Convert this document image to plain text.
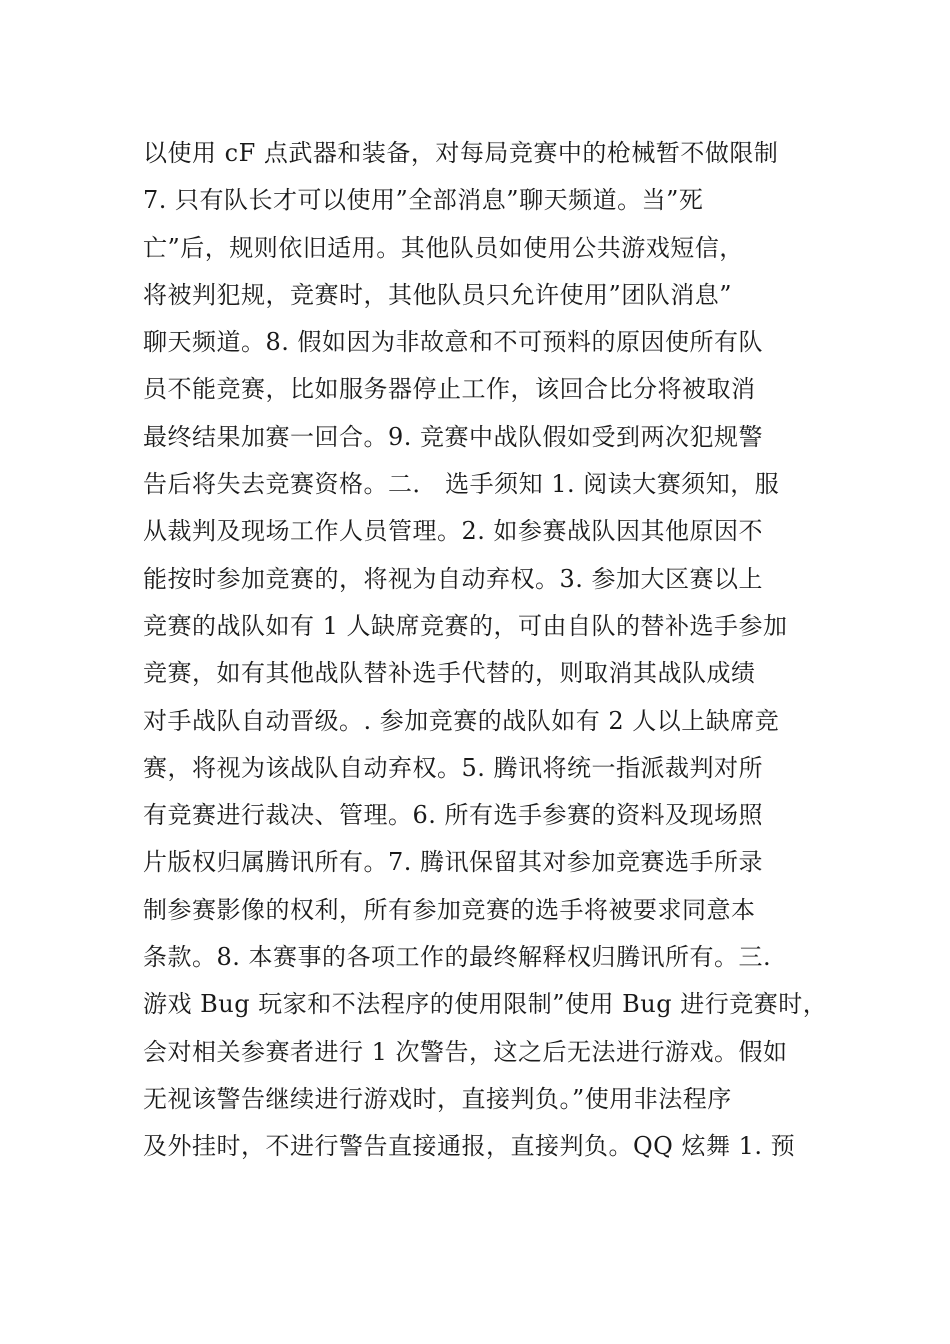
以使用 cF 点武器和装备，对每局竞赛中的枪械暂不做限制
7. 只有队长才可以使用”全部消息”聊天频道。当”死
亡”后，规则依旧适用。其他队员如使用公共游戏短信，
将被判犯规，竞赛时，其他队员只允许使用”团队消息”
聊天频道。8. 假如因为非故意和不可预料的原因使所有队
员不能竞赛，比如服务器停止工作，该回合比分将被取消
最终结果加赛一回合。9. 竞赛中战队假如受到两次犯规警
告后将失去竞赛资格。二． 选手须知 1. 阅读大赛须知，服
从裁判及现场工作人员管理。2. 如参赛战队因其他原因不
能按时参加竞赛的，将视为自动弃权。3. 参加大区赛以上
竞赛的战队如有 1 人缺席竞赛的，可由自队的替补选手参加
竞赛，如有其他战队替补选手代替的，则取消其战队成绩
对手战队自动晋级。. 参加竞赛的战队如有 2 人以上缺席竞
赛，将视为该战队自动弃权。5. 腾讯将统一指派裁判对所
有竞赛进行裁决、管理。6. 所有选手参赛的资料及现场照
片版权归属腾讯所有。7. 腾讯保留其对参加竞赛选手所录
制参赛影像的权利，所有参加竞赛的选手将被要求同意本
条款。8. 本赛事的各项工作的最终解释权归腾讯所有。三.
游戏 Bug 玩家和不法程序的使用限制”使用 Bug 进行竞赛时，
会对相关参赛者进行 1 次警告，这之后无法进行游戏。假如
无视该警告继续进行游戏时，直接判负。”使用非法程序
及外挂时，不进行警告直接通报，直接判负。QQ 炫舞 1. 预
